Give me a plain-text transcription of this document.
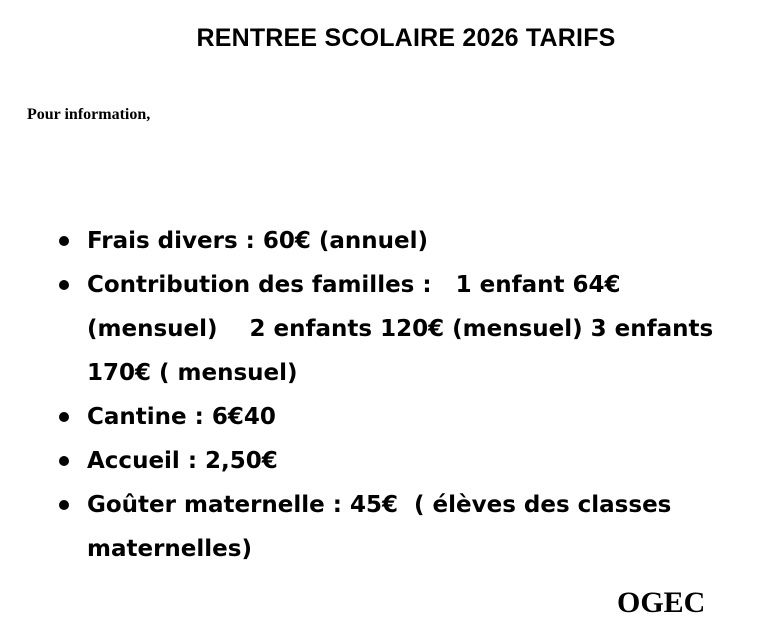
RENTREE SCOLAIRE 2026 TARIFS
Pour information,
Frais divers : 60€ (annuel)
Contribution des familles :   1 enfant 64€
(mensuel)    2 enfants 120€ (mensuel) 3 enfants
170€ ( mensuel)
Cantine : 6€40
Accueil : 2,50€
Goûter maternelle : 45€  ( élèves des classes
maternelles)
OGEC
